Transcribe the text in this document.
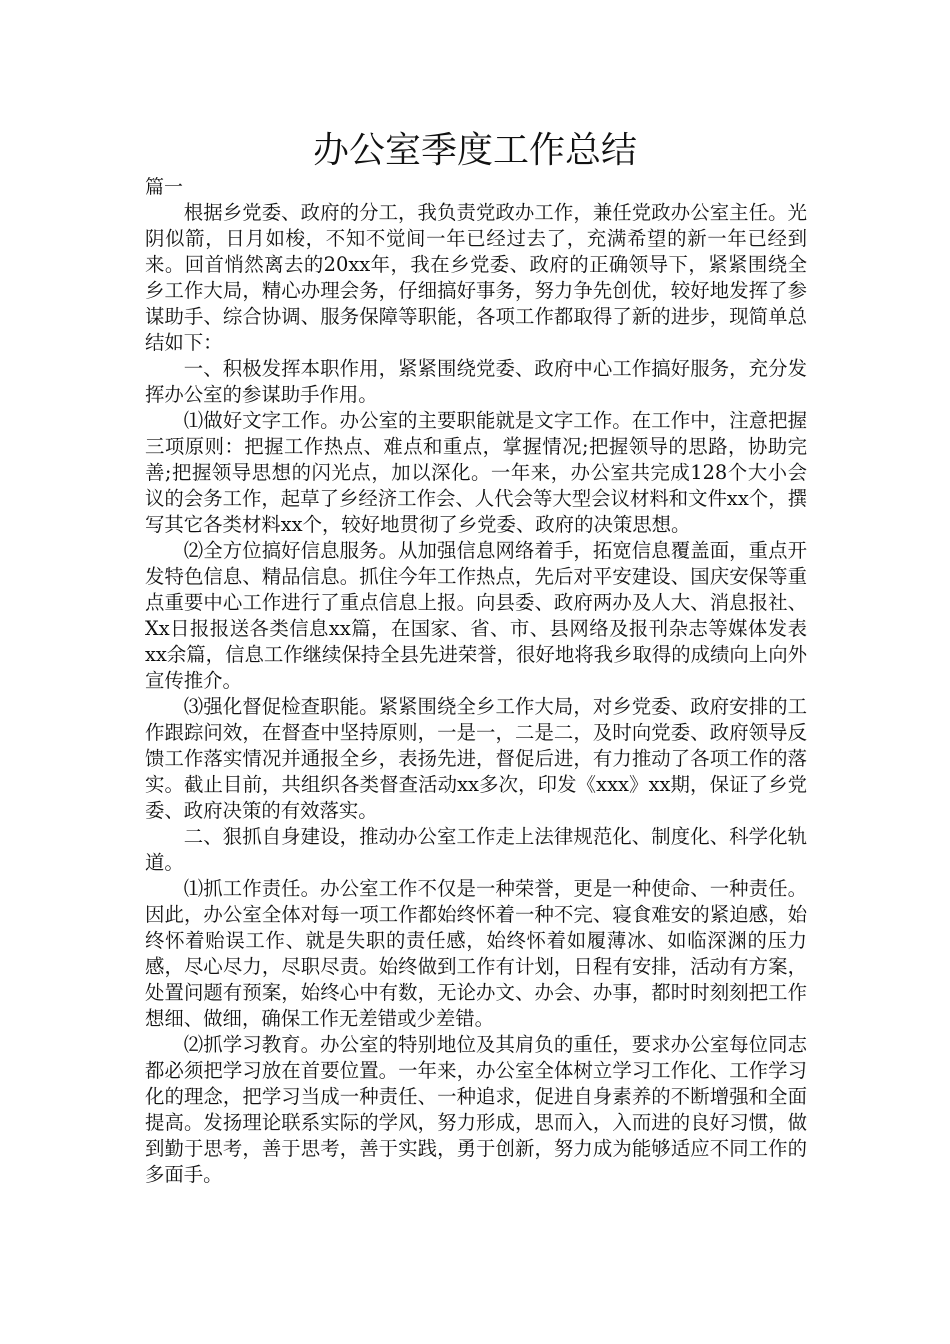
办公室季度工作总结
篇一

根据乡党委、政府的分工，我负责党政办工作，兼任党政办公室主任。光阴似箭，日月如梭，不知不觉间一年已经过去了，充满希望的新一年已经到来。回首悄然离去的20xx年，我在乡党委、政府的正确领导下，紧紧围绕全乡工作大局，精心办理会务，仔细搞好事务，努力争先创优，较好地发挥了参谋助手、综合协调、服务保障等职能，各项工作都取得了新的进步，现简单总结如下：

一、积极发挥本职作用，紧紧围绕党委、政府中心工作搞好服务，充分发挥办公室的参谋助手作用。

⑴做好文字工作。办公室的主要职能就是文字工作。在工作中，注意把握三项原则：把握工作热点、难点和重点，掌握情况;把握领导的思路，协助完善;把握领导思想的闪光点，加以深化。一年来，办公室共完成128个大小会议的会务工作，起草了乡经济工作会、人代会等大型会议材料和文件xx个，撰写其它各类材料xx个，较好地贯彻了乡党委、政府的决策思想。

⑵全方位搞好信息服务。从加强信息网络着手，拓宽信息覆盖面，重点开发特色信息、精品信息。抓住今年工作热点，先后对平安建设、国庆安保等重点重要中心工作进行了重点信息上报。向县委、政府两办及人大、消息报社、Xx日报报送各类信息xx篇，在国家、省、市、县网络及报刊杂志等媒体发表xx余篇，信息工作继续保持全县先进荣誉，很好地将我乡取得的成绩向上向外宣传推介。

⑶强化督促检查职能。紧紧围绕全乡工作大局，对乡党委、政府安排的工作跟踪问效，在督查中坚持原则，一是一，二是二，及时向党委、政府领导反馈工作落实情况并通报全乡，表扬先进，督促后进，有力推动了各项工作的落实。截止目前，共组织各类督查活动xx多次，印发《xxx》xx期，保证了乡党委、政府决策的有效落实。

二、狠抓自身建设，推动办公室工作走上法律规范化、制度化、科学化轨道。

⑴抓工作责任。办公室工作不仅是一种荣誉，更是一种使命、一种责任。因此，办公室全体对每一项工作都始终怀着一种不完、寝食难安的紧迫感，始终怀着贻误工作、就是失职的责任感，始终怀着如履薄冰、如临深渊的压力感，尽心尽力，尽职尽责。始终做到工作有计划，日程有安排，活动有方案，处置问题有预案，始终心中有数，无论办文、办会、办事，都时时刻刻把工作想细、做细，确保工作无差错或少差错。

⑵抓学习教育。办公室的特别地位及其肩负的重任，要求办公室每位同志都必须把学习放在首要位置。一年来，办公室全体树立学习工作化、工作学习化的理念，把学习当成一种责任、一种追求，促进自身素养的不断增强和全面提高。发扬理论联系实际的学风，努力形成，思而入，入而进的良好习惯，做到勤于思考，善于思考，善于实践，勇于创新，努力成为能够适应不同工作的多面手。
